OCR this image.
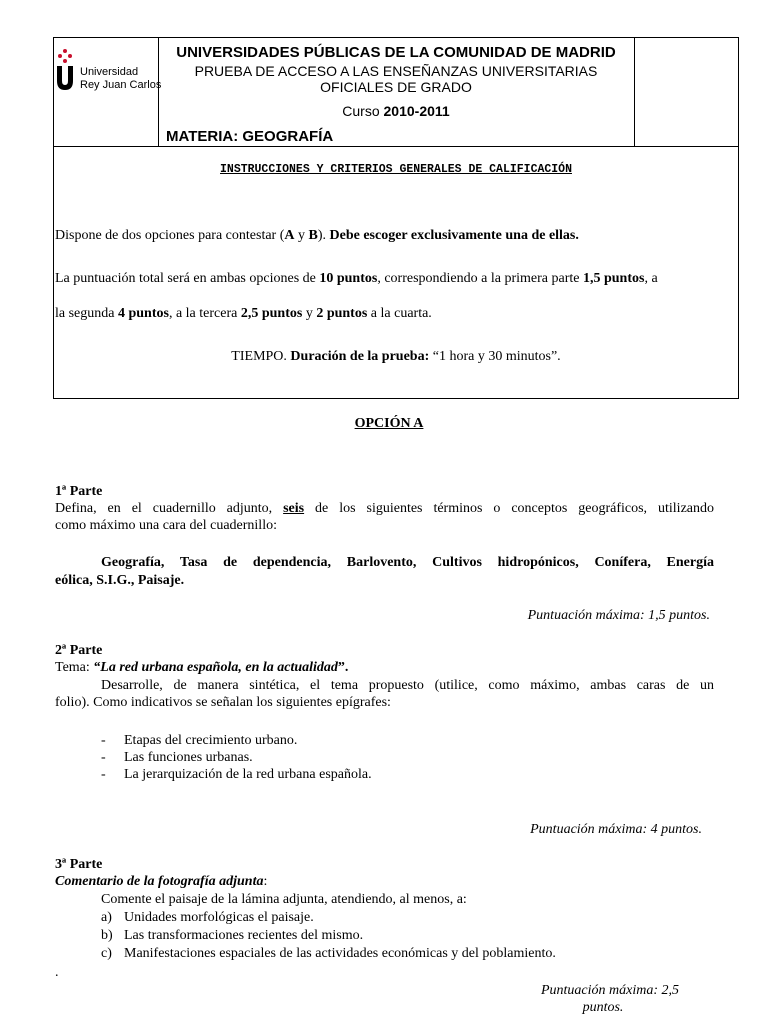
Universidad
Rey Juan Carlos
UNIVERSIDADES PÚBLICAS DE LA COMUNIDAD DE MADRID
PRUEBA DE ACCESO A LAS ENSEÑANZAS UNIVERSITARIAS
OFICIALES DE GRADO
Curso 2010-2011
MATERIA: GEOGRAFÍA
INSTRUCCIONES Y CRITERIOS GENERALES DE CALIFICACIÓN

Dispone de dos opciones para contestar (A y B). Debe escoger exclusivamente una de ellas.

La puntuación total será en ambas opciones de 10 puntos, correspondiendo a la primera parte 1,5 puntos, a

la segunda 4 puntos, a la tercera 2,5 puntos y 2 puntos a la cuarta.

TIEMPO. Duración de la prueba: “1 hora y 30 minutos”.

OPCIÓN A

1ª Parte

Defina, en el cuadernillo adjunto, seis de los siguientes términos o conceptos geográficos, utilizando

como máximo una cara del cuadernillo:

Geografía, Tasa de dependencia, Barlovento, Cultivos hidropónicos, Conífera, Energía

eólica, S.I.G., Paisaje.

Puntuación máxima: 1,5 puntos.

2ª Parte

Tema: “La red urbana española, en la actualidad”.

Desarrolle, de manera sintética, el tema propuesto (utilice, como máximo, ambas caras de un

folio). Como indicativos se señalan los siguientes epígrafes:

- Etapas del crecimiento urbano.

- Las funciones urbanas.

- La jerarquización de la red urbana española.

Puntuación máxima: 4 puntos.

3ª Parte

Comentario de la fotografía adjunta:

Comente el paisaje de la lámina adjunta, atendiendo, al menos, a:

a) Unidades morfológicas el paisaje.

b) Las transformaciones recientes del mismo.

c) Manifestaciones espaciales de las actividades económicas y del poblamiento.

.

Puntuación máxima: 2,5

puntos.
